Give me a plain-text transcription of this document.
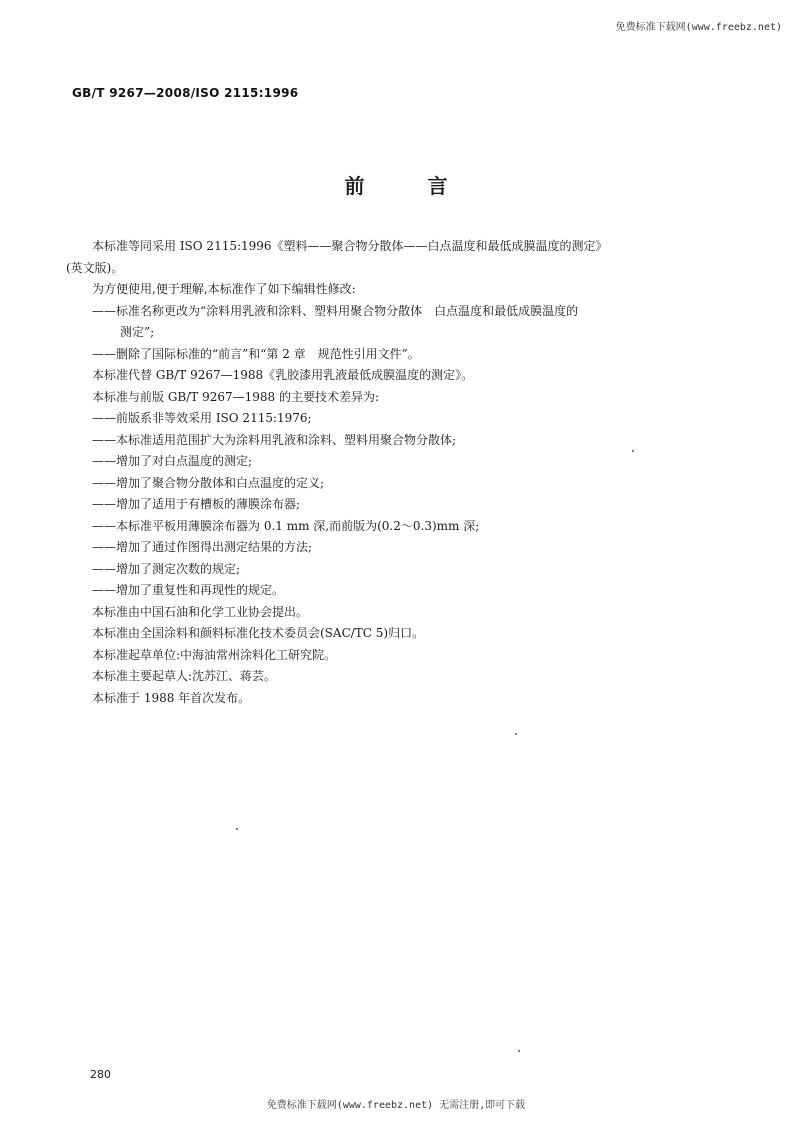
免费标准下载网(www.freebz.net)
GB/T 9267—2008/ISO 2115:1996
前 言
本标准等同采用 ISO 2115:1996《塑料——聚合物分散体——白点温度和最低成膜温度的测定》
(英文版)。
为方便使用,便于理解,本标准作了如下编辑性修改:
——标准名称更改为“涂料用乳液和涂料、塑料用聚合物分散体　白点温度和最低成膜温度的
测定”;
——删除了国际标准的“前言”和“第 2 章　规范性引用文件”。
本标准代替 GB/T 9267—1988《乳胶漆用乳液最低成膜温度的测定》。
本标准与前版 GB/T 9267—1988 的主要技术差异为:
——前版系非等效采用 ISO 2115:1976;
——本标准适用范围扩大为涂料用乳液和涂料、塑料用聚合物分散体;
——增加了对白点温度的测定;
——增加了聚合物分散体和白点温度的定义;
——增加了适用于有槽板的薄膜涂布器;
——本标准平板用薄膜涂布器为 0.1 mm 深,而前版为(0.2～0.3)mm 深;
——增加了通过作图得出测定结果的方法;
——增加了测定次数的规定;
——增加了重复性和再现性的规定。
本标准由中国石油和化学工业协会提出。
本标准由全国涂料和颜料标准化技术委员会(SAC/TC 5)归口。
本标准起草单位:中海油常州涂料化工研究院。
本标准主要起草人:沈苏江、蒋芸。
本标准于 1988 年首次发布。
280
免费标准下载网(www.freebz.net) 无需注册,即可下载
